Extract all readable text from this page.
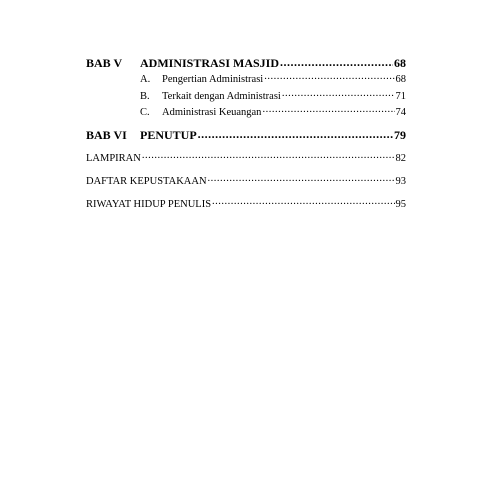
BAB V	ADMINISTRASI MASJID .....	68
A.	Pengertian Administrasi .....	68
B.	Terkait dengan Administrasi .....	71
C.	Administrasi Keuangan .....	74
BAB VI	PENUTUP .....	79
LAMPIRAN .....	82
DAFTAR KEPUSTAKAAN .....	93
RIWAYAT HIDUP PENULIS .....	95
